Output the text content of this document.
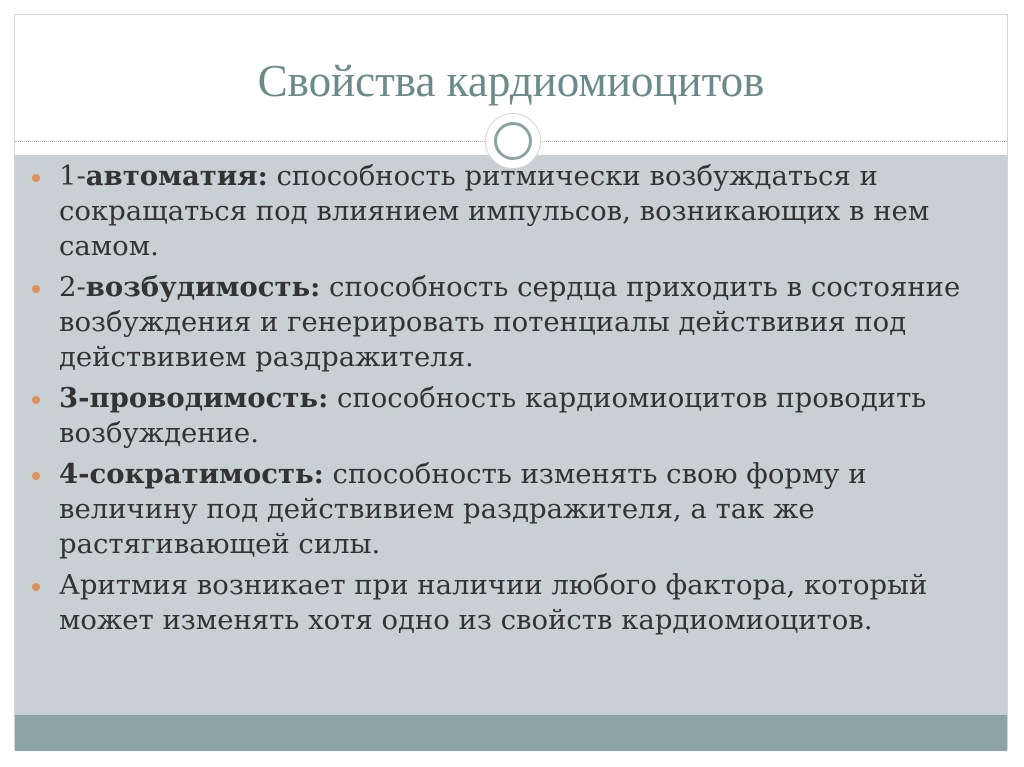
Свойства кардиомиоцитов
1-автоматия: способность ритмически возбуждаться и сокращаться под влиянием импульсов, возникающих в нем самом.
2-возбудимость: способность сердца приходить в состояние возбуждения и генерировать потенциалы действивия под действивием раздражителя.
3-проводимость: способность кардиомиоцитов проводить возбуждение.
4-сократимость: способность изменять свою форму и величину под действивием раздражителя, а так же растягивающей силы.
Аритмия возникает при наличии любого фактора, который может изменять хотя одно из свойств кардиомиоцитов.
